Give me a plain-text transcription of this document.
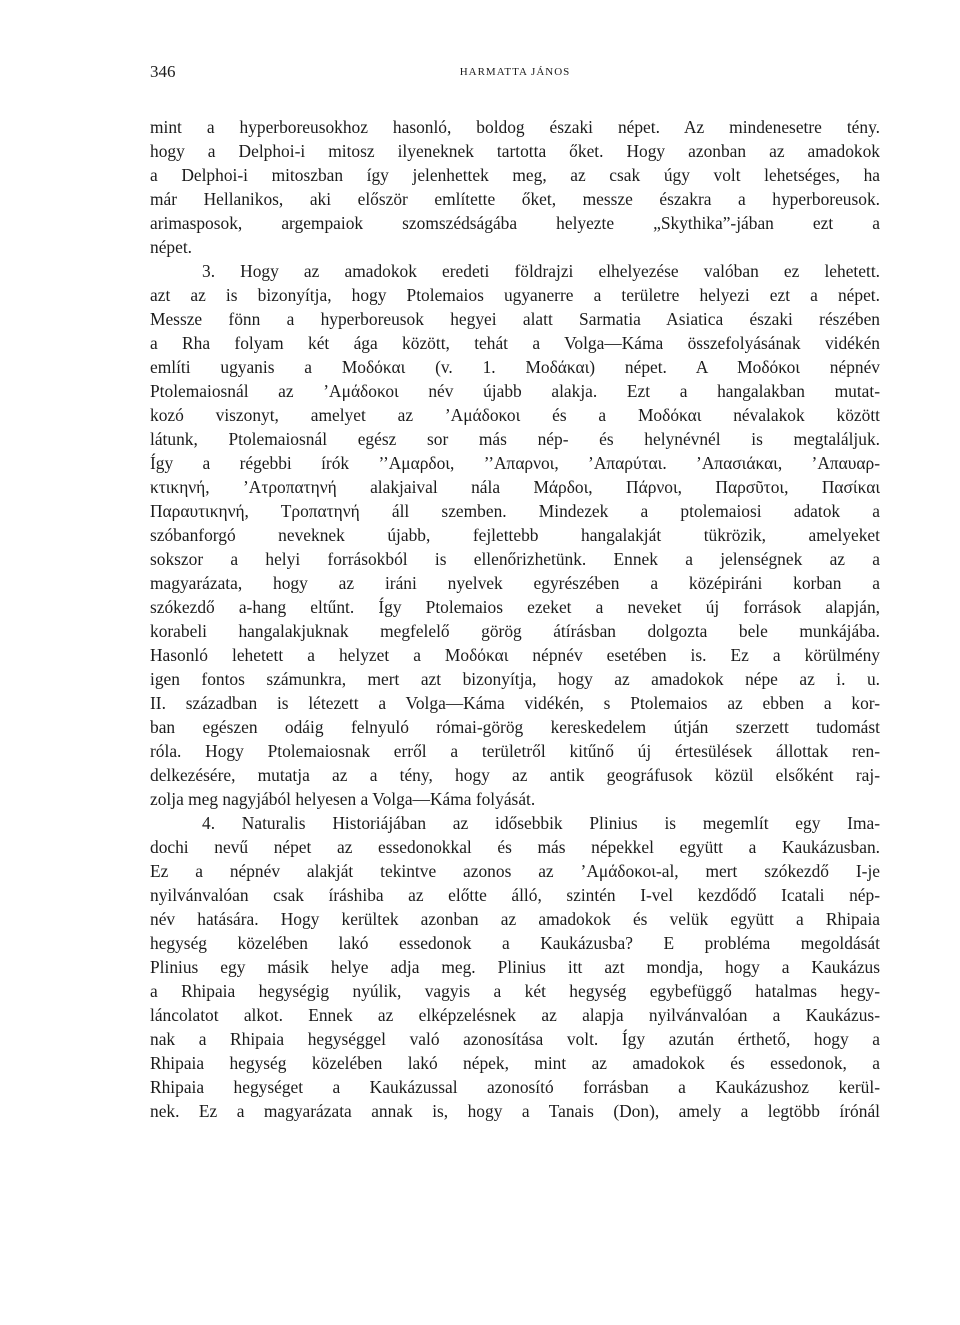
346	HARMATTA JÁNOS
mint a hyperboreusokhoz hasonló, boldog északi népet. Az mindenesetre tény.
hogy a Delphoi-i mitosz ilyeneknek tartotta őket. Hogy azonban az amadokok
a Delphoi-i mitoszban így jelenhettek meg, az csak úgy volt lehetséges, ha
már Hellanikos, aki először említette őket, messze északra a hyperboreusok.
arimasposok, argempaiok szomszédságába helyezte „Skythika”-jában ezt a
népet.
3. Hogy az amadokok eredeti földrajzi elhelyezése valóban ez lehetett.
azt az is bizonyítja, hogy Ptolemaios ugyanerre a területre helyezi ezt a népet.
Messze fönn a hyperboreusok hegyei alatt Sarmatia Asiatica északi részében
a Rha folyam két ága között, tehát a Volga—Káma összefolyásának vidékén
említi ugyanis a Μοδόκαι (v. 1. Μοδάκαι) népet. A Μοδόκοι népnév
Ptolemaiosnál az ’Αμάδοκοι név újabb alakja. Ezt a hangalakban mutat-
kozó viszonyt, amelyet az ’Αμάδοκοι és a Μοδόκαι névalakok között
látunk, Ptolemaiosnál egész sor más nép- és helynévnél is megtaláljuk.
Így a régebbi írók ’’Αμαρδοι, ’’Απαρνοι, ’Απαρύται. ’Απασιάκαι, ’Απαυαρ-
κτικηνή, ’Ατροπατηνή alakjaival nála Μάρδοι, Πάρνοι, Παρσῦτοι, Πασίκαι
Παραυτικηνή, Τροπατηνή áll szemben. Mindezek a ptolemaiosi adatok a
szóbanforgó neveknek újabb, fejlettebb hangalakját tükrözik, amelyeket
sokszor a helyi forrásokból is ellenőrizhetünk. Ennek a jelenségnek az a
magyarázata, hogy az iráni nyelvek egyrészében a középiráni korban a
szókezdő a-hang eltűnt. Így Ptolemaios ezeket a neveket új források alapján,
korabeli hangalakjuknak megfelelő görög átírásban dolgozta bele munkájába.
Hasonló lehetett a helyzet a Μοδόκαι népnév esetében is. Ez a körülmény
igen fontos számunkra, mert azt bizonyítja, hogy az amadokok népe az i. u.
II. században is létezett a Volga—Káma vidékén, s Ptolemaios az ebben a kor-
ban egészen odáig felnyuló római-görög kereskedelem útján szerzett tudomást
róla. Hogy Ptolemaiosnak erről a területről kitűnő új értesülések állottak ren-
delkezésére, mutatja az a tény, hogy az antik geográfusok közül elsőként raj-
zolja meg nagyjából helyesen a Volga—Káma folyását.
4. Naturalis Historiájában az idősebbik Plinius is megemlít egy Ima-
dochi nevű népet az essedonokkal és más népekkel együtt a Kaukázusban.
Ez a népnév alakját tekintve azonos az ’Αμάδοκοι-al, mert szókezdő I-je
nyilvánvalóan csak íráshiba az előtte álló, szintén I-vel kezdődő Icatali nép-
név hatására. Hogy kerültek azonban az amadokok és velük együtt a Rhipaia
hegység közelében lakó essedonok a Kaukázusba? E probléma megoldását
Plinius egy másik helye adja meg. Plinius itt azt mondja, hogy a Kaukázus
a Rhipaia hegységig nyúlik, vagyis a két hegység egybefüggő hatalmas hegy-
láncolatot alkot. Ennek az elképzelésnek az alapja nyilvánvalóan a Kaukázus-
nak a Rhipaia hegységgel való azonosítása volt. Így azután érthető, hogy a
Rhipaia hegység közelében lakó népek, mint az amadokok és essedonok, a
Rhipaia hegységet a Kaukázussal azonosító forrásban a Kaukázushoz kerül-
nek. Ez a magyarázata annak is, hogy a Tanais (Don), amely a legtöbb írónál
